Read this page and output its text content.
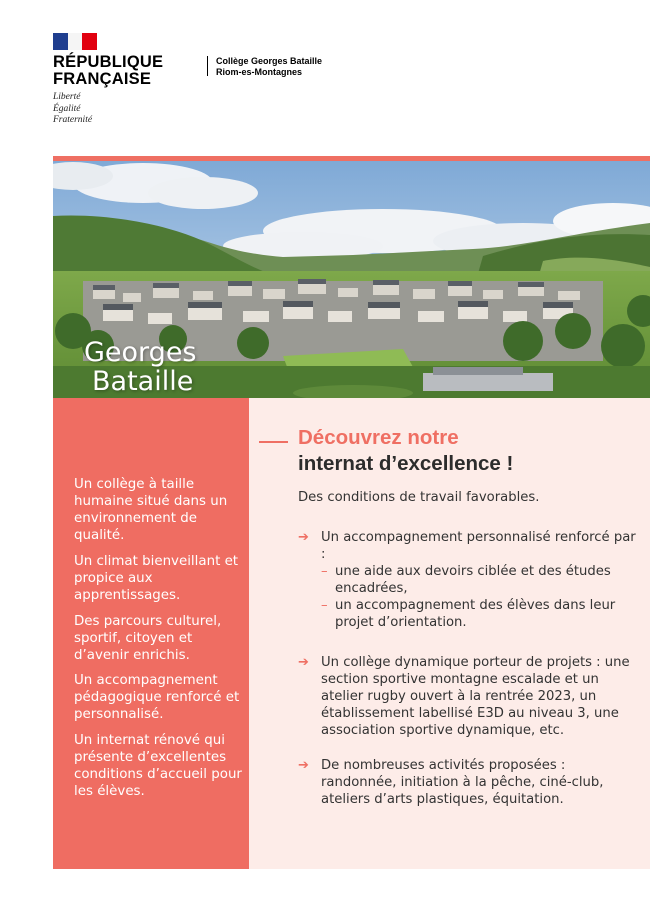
RÉPUBLIQUE
FRANÇAISE
Liberté
Égalité
Fraternité
Collège Georges Bataille
Riom-es-Montagnes
Georges
Bataille

Un collège à taille humaine situé dans un environnement de qualité.

Un climat bienveillant et propice aux apprentissages.

Des parcours culturel, sportif, citoyen et d’avenir enrichis.

Un accompagnement pédagogique renforcé et personnalisé.

Un internat rénové qui présente d’excellentes conditions d’accueil pour les élèves.

Découvrez notre
internat d’excellence !
Des conditions de travail favorables.
➔ Un accompagnement personnalisé renforcé par :
– une aide aux devoirs ciblée et des études encadrées,
– un accompagnement des élèves dans leur projet d’orientation.
➔ Un collège dynamique porteur de projets : une section sportive montagne escalade et un atelier rugby ouvert à la rentrée 2023, un établissement labellisé E3D au niveau 3, une association sportive dynamique, etc.
➔ De nombreuses activités proposées : randonnée, initiation à la pêche, ciné-club, ateliers d’arts plastiques, équitation.
